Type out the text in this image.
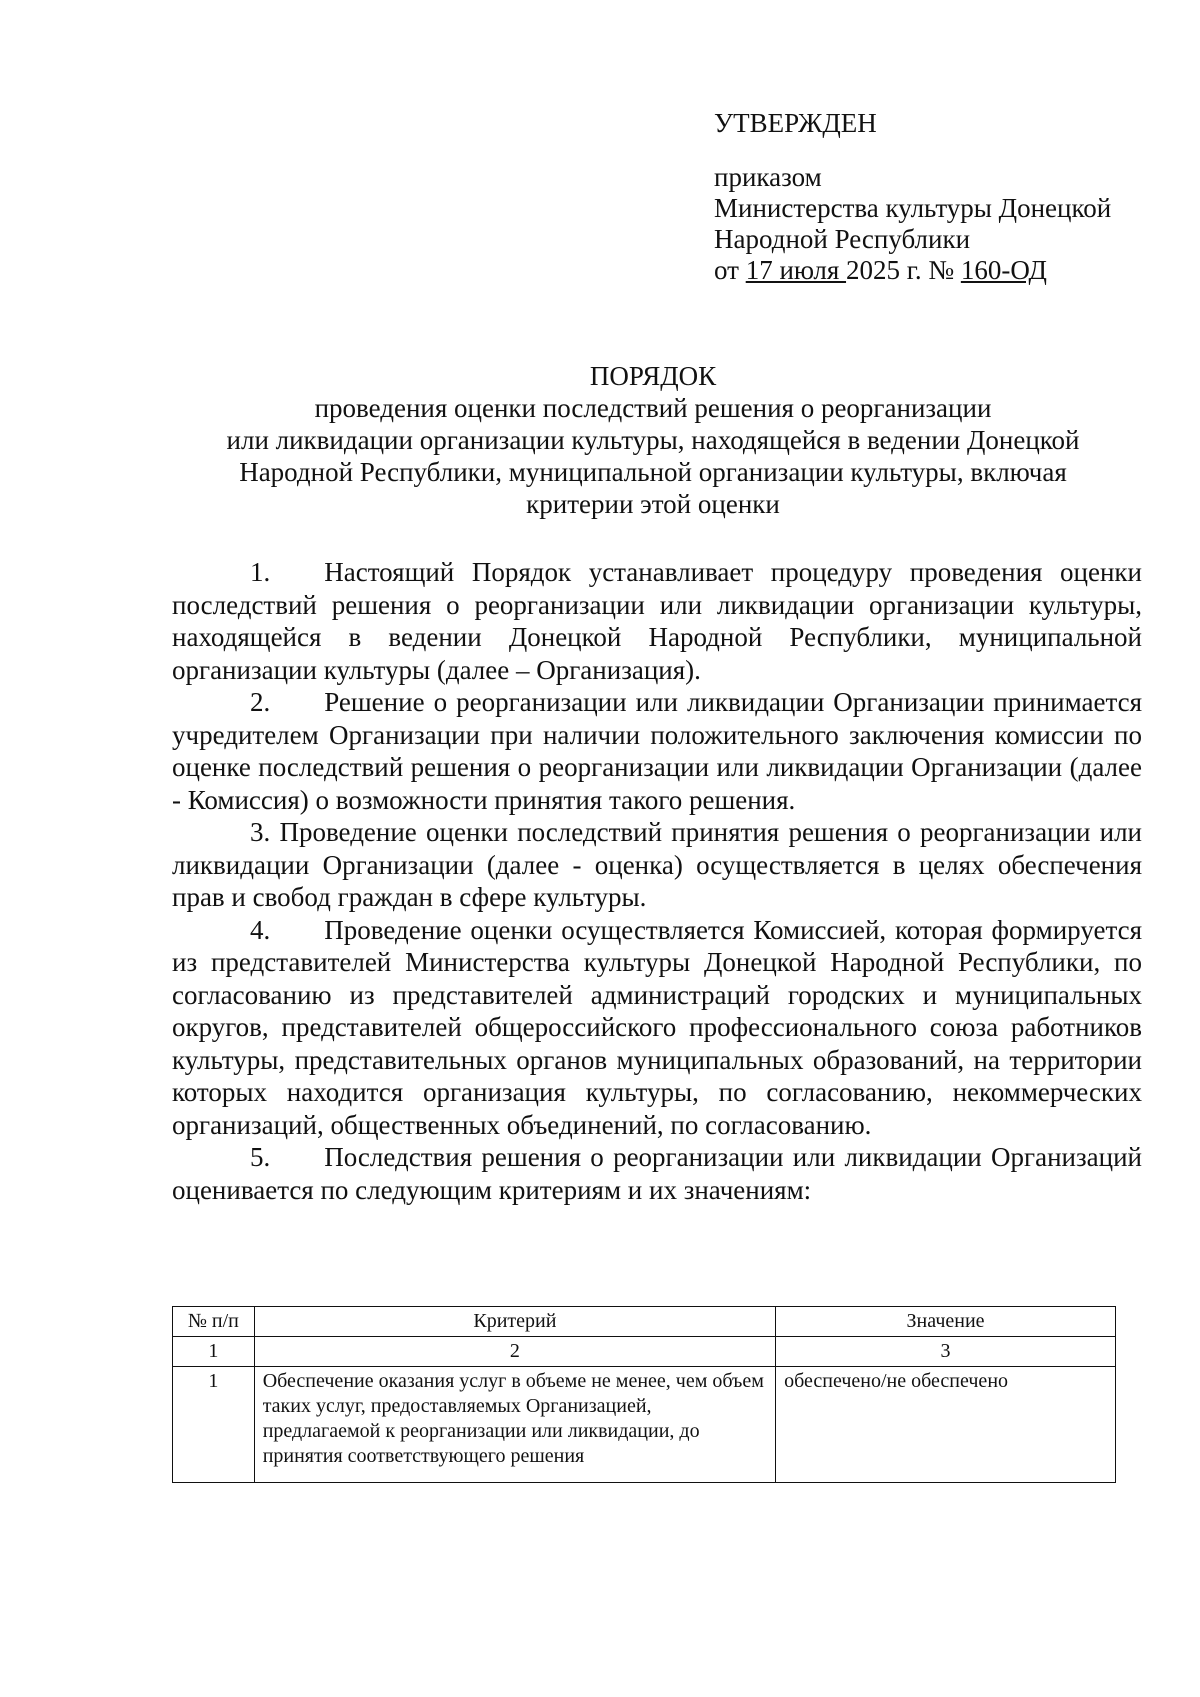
УТВЕРЖДЕН
приказом
Министерства культуры Донецкой
Народной Республики
от 17 июля 2025 г. № 160-ОД
ПОРЯДОК
проведения оценки последствий решения о реорганизации
или ликвидации организации культуры, находящейся в ведении Донецкой
Народной Республики, муниципальной организации культуры, включая
критерии этой оценки

1.  Настоящий Порядок устанавливает процедуру проведения оценки последствий решения о реорганизации или ликвидации организации культуры, находящейся в ведении Донецкой Народной Республики, муниципальной организации культуры (далее – Организация).

2.  Решение о реорганизации или ликвидации Организации принимается учредителем Организации при наличии положительного заключения комиссии по оценке последствий решения о реорганизации или ликвидации Организации (далее - Комиссия) о возможности принятия такого решения.

3. Проведение оценки последствий принятия решения о реорганизации или ликвидации Организации (далее - оценка) осуществляется в целях обеспечения прав и свобод граждан в сфере культуры.

4.  Проведение оценки осуществляется Комиссией, которая формируется из представителей Министерства культуры Донецкой Народной Республики, по согласованию из представителей администраций городских и муниципальных округов, представителей общероссийского профессионального союза работников культуры, представительных органов муниципальных образований, на территории которых находится организация культуры, по согласованию, некоммерческих организаций, общественных объединений, по согласованию.

5.  Последствия решения о реорганизации или ликвидации Организаций оценивается по следующим критериям и их значениям:

№ п/п	Критерий	Значение
1	2	3
1	Обеспечение оказания услуг в объеме не менее, чем объем таких услуг, предоставляемых Организацией, предлагаемой к реорганизации или ликвидации, до принятия соответствующего решения	обеспечено/не обеспечено
